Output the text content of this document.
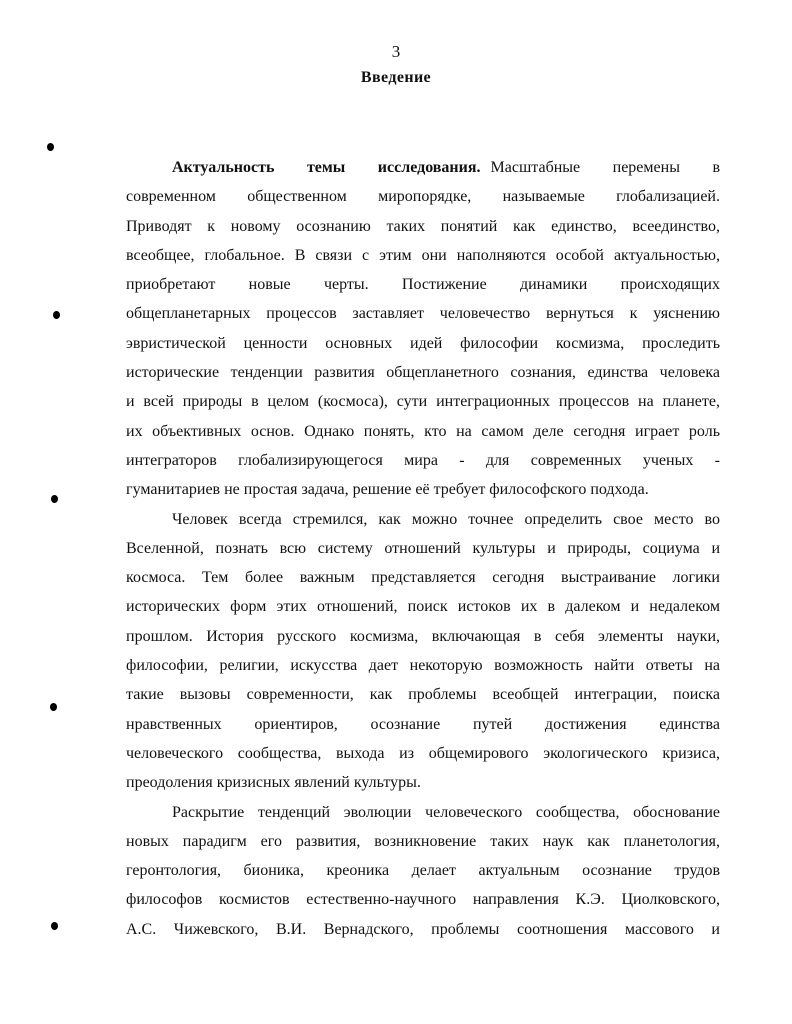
3
Введение
Актуальность темы исследования. Масштабные перемены в
современном общественном миропорядке, называемые глобализацией.
Приводят к новому осознанию таких понятий как единство, всеединство,
всеобщее, глобальное. В связи с этим они наполняются особой актуальностью,
приобретают новые черты. Постижение динамики происходящих
общепланетарных процессов заставляет человечество вернуться к уяснению
эвристической ценности основных идей философии космизма, проследить
исторические тенденции развития общепланетного сознания, единства человека
и всей природы в целом (космоса), сути интеграционных процессов на планете,
их объективных основ. Однако понять, кто на самом деле сегодня играет роль
интеграторов глобализирующегося мира - для современных ученых -
гуманитариев не простая задача, решение её требует философского подхода.
Человек всегда стремился, как можно точнее определить свое место во
Вселенной, познать всю систему отношений культуры и природы, социума и
космоса. Тем более важным представляется сегодня выстраивание логики
исторических форм этих отношений, поиск истоков их в далеком и недалеком
прошлом. История русского космизма, включающая в себя элементы науки,
философии, религии, искусства дает некоторую возможность найти ответы на
такие вызовы современности, как проблемы всеобщей интеграции, поиска
нравственных ориентиров, осознание путей достижения единства
человеческого сообщества, выхода из общемирового экологического кризиса,
преодоления кризисных явлений культуры.
Раскрытие тенденций эволюции человеческого сообщества, обоснование
новых парадигм его развития, возникновение таких наук как планетология,
геронтология, бионика, креоника делает актуальным осознание трудов
философов космистов естественно-научного направления К.Э. Циолковского,
А.С. Чижевского, В.И. Вернадского, проблемы соотношения массового и
